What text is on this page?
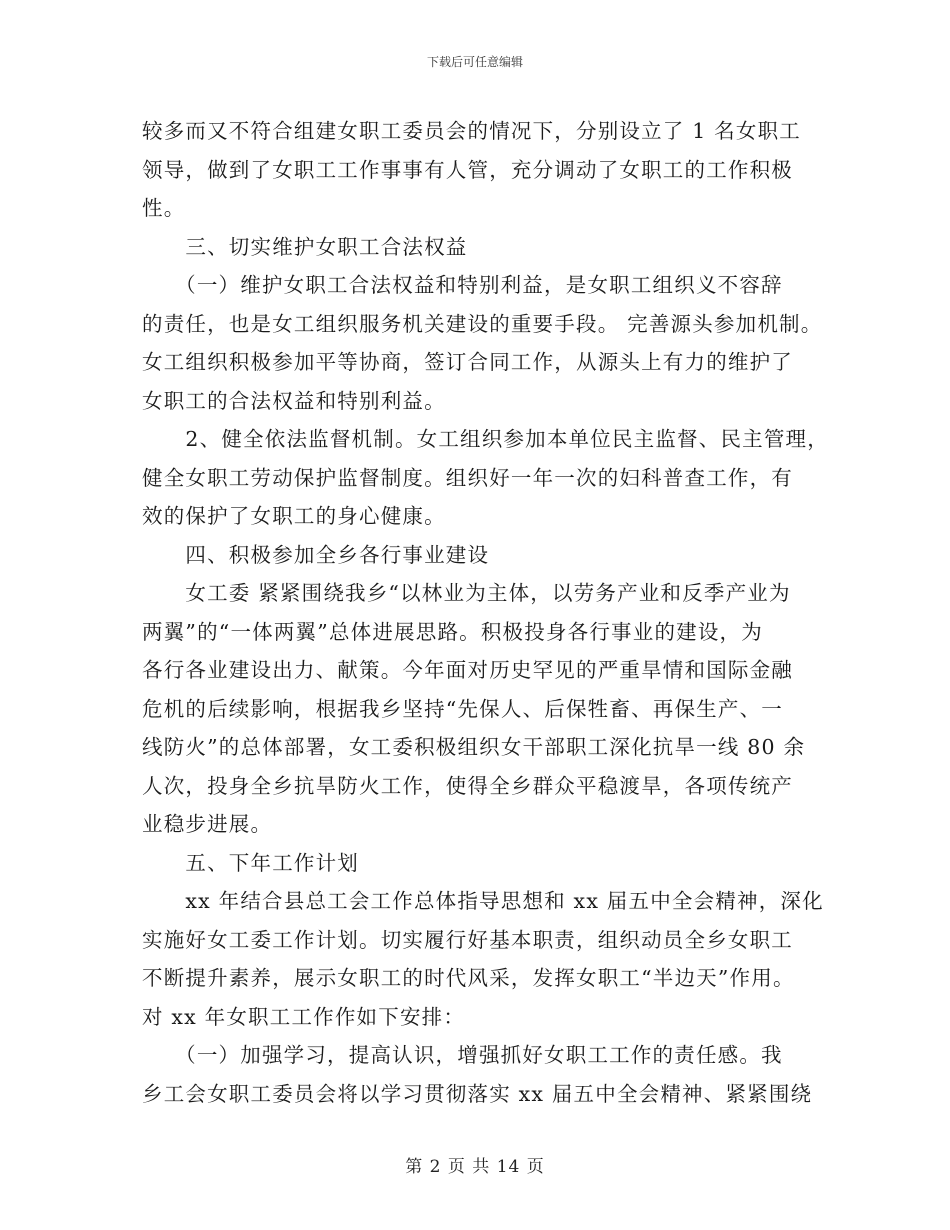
下载后可任意编辑
较多而又不符合组建女职工委员会的情况下，分别设立了 1 名女职工
领导，做到了女职工工作事事有人管，充分调动了女职工的工作积极
性。
　　三、切实维护女职工合法权益
　　（一）维护女职工合法权益和特别利益，是女职工组织义不容辞
的责任，也是女工组织服务机关建设的重要手段。 完善源头参加机制。
女工组织积极参加平等协商，签订合同工作，从源头上有力的维护了
女职工的合法权益和特别利益。
　　2、健全依法监督机制。女工组织参加本单位民主监督、民主管理，
健全女职工劳动保护监督制度。组织好一年一次的妇科普查工作，有
效的保护了女职工的身心健康。
　　四、积极参加全乡各行事业建设
　　女工委 紧紧围绕我乡“以林业为主体，以劳务产业和反季产业为
两翼”的“一体两翼”总体进展思路。积极投身各行事业的建设，为
各行各业建设出力、献策。今年面对历史罕见的严重旱情和国际金融
危机的后续影响，根据我乡坚持“先保人、后保牲畜、再保生产、一
线防火”的总体部署，女工委积极组织女干部职工深化抗旱一线 80 余
人次，投身全乡抗旱防火工作，使得全乡群众平稳渡旱，各项传统产
业稳步进展。
　　五、下年工作计划
　　xx 年结合县总工会工作总体指导思想和 xx 届五中全会精神，深化
实施好女工委工作计划。切实履行好基本职责，组织动员全乡女职工
不断提升素养，展示女职工的时代风采，发挥女职工“半边天”作用。
对 xx 年女职工工作作如下安排：
　　（一）加强学习，提高认识，增强抓好女职工工作的责任感。我
乡工会女职工委员会将以学习贯彻落实 xx 届五中全会精神、紧紧围绕
第 2 页 共 14 页
